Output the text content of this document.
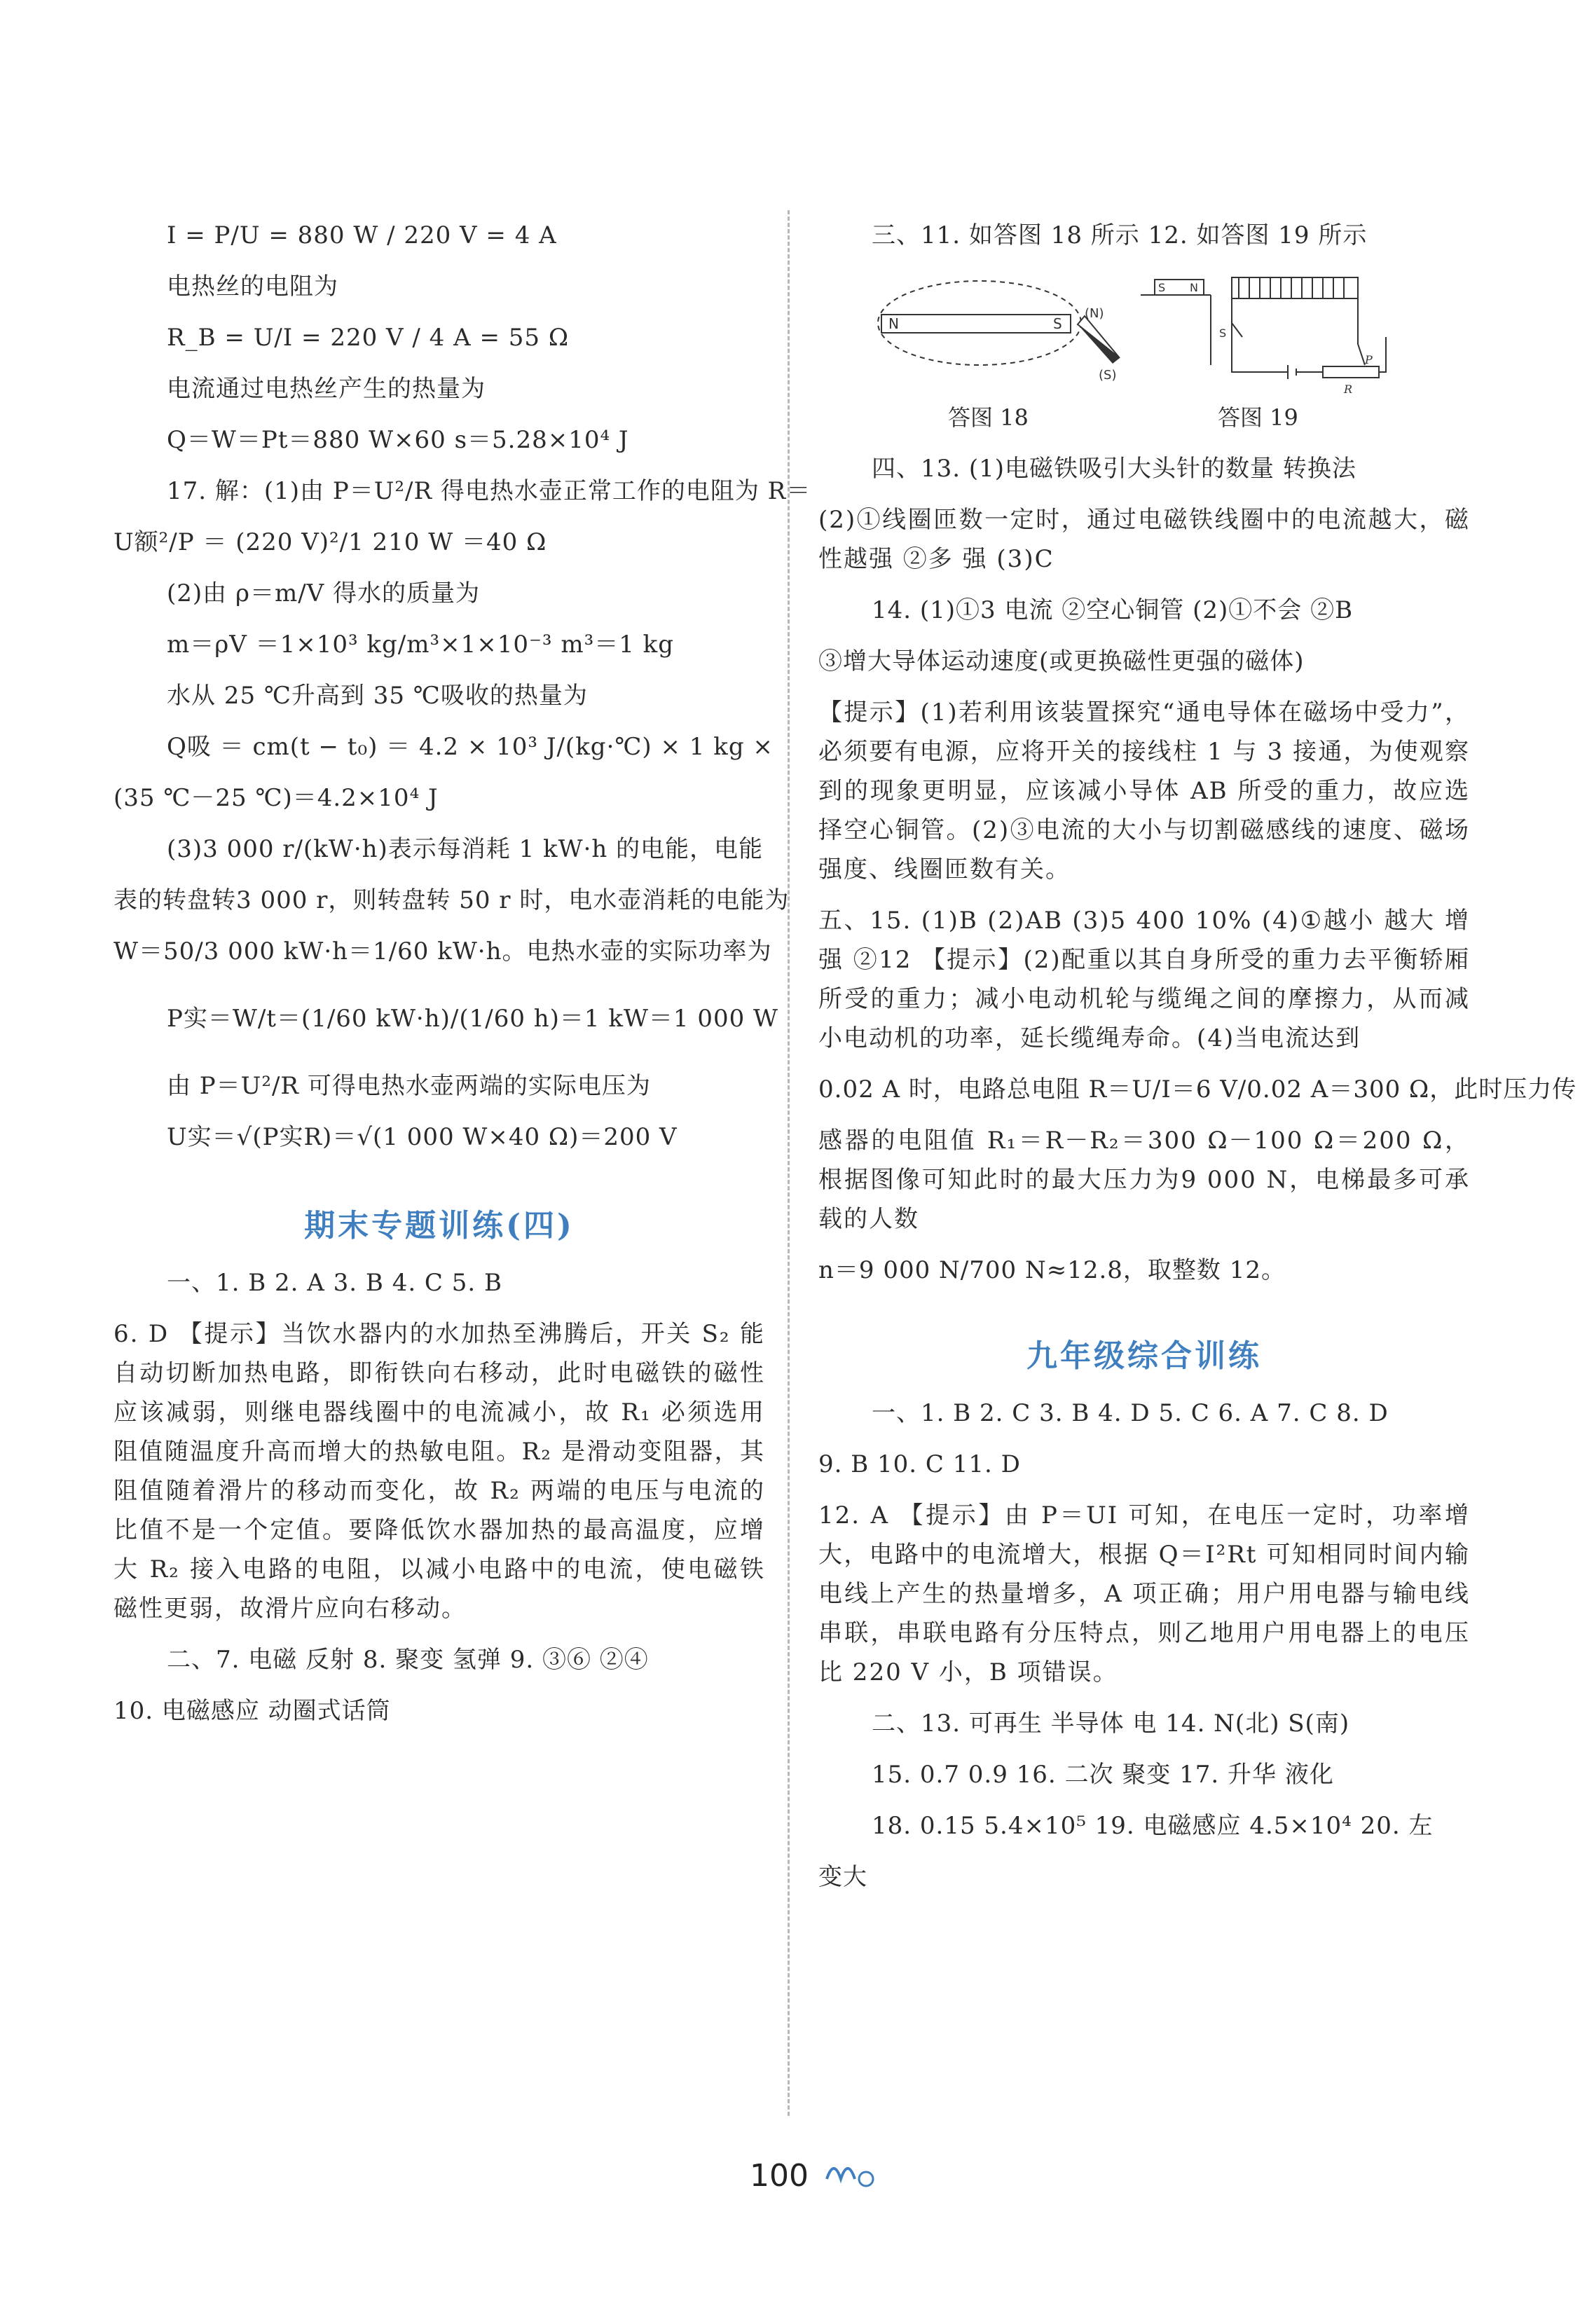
I = P/U = 880 W / 220 V = 4 A

电热丝的电阻为

R_B = U/I = 220 V / 4 A = 55 Ω

电流通过电热丝产生的热量为

Q＝W＝Pt＝880 W×60 s＝5.28×10⁴ J

17. 解：(1)由 P＝U²/R 得电热水壶正常工作的电阻为 R＝

U额²/P ＝ (220 V)²/1 210 W ＝40 Ω

(2)由 ρ＝m/V 得水的质量为

m＝ρV ＝1×10³ kg/m³×1×10⁻³ m³＝1 kg

水从 25 ℃升高到 35 ℃吸收的热量为

Q吸 ＝ cm(t − t₀) ＝ 4.2 × 10³ J/(kg·℃) × 1 kg ×

(35 ℃－25 ℃)＝4.2×10⁴ J

(3)3 000 r/(kW·h)表示每消耗 1 kW·h 的电能，电能

表的转盘转3 000 r，则转盘转 50 r 时，电水壶消耗的电能为

W＝50/3 000 kW·h＝1/60 kW·h。电热水壶的实际功率为

P实＝W/t＝(1/60 kW·h)/(1/60 h)＝1 kW＝1 000 W

由 P＝U²/R 可得电热水壶两端的实际电压为

U实＝√(P实R)＝√(1 000 W×40 Ω)＝200 V

期末专题训练(四)

一、1. B 2. A 3. B 4. C 5. B

6. D 【提示】当饮水器内的水加热至沸腾后，开关 S₂ 能自动切断加热电路，即衔铁向右移动，此时电磁铁的磁性应该减弱，则继电器线圈中的电流减小，故 R₁ 必须选用阻值随温度升高而增大的热敏电阻。R₂ 是滑动变阻器，其阻值随着滑片的移动而变化，故 R₂ 两端的电压与电流的比值不是一个定值。要降低饮水器加热的最高温度，应增大 R₂ 接入电路的电阻，以减小电路中的电流，使电磁铁磁性更弱，故滑片应向右移动。

二、7. 电磁 反射 8. 聚变 氢弹 9. ③⑥ ②④

10. 电磁感应 动圈式话筒

三、11. 如答图 18 所示 12. 如答图 19 所示

N	S
(N)
(S)
S N
S
P
R
答图 18	答图 19

四、13. (1)电磁铁吸引大头针的数量 转换法

(2)①线圈匝数一定时，通过电磁铁线圈中的电流越大，磁性越强 ②多 强 (3)C

14. (1)①3 电流 ②空心铜管 (2)①不会 ②B

③增大导体运动速度(或更换磁性更强的磁体)

【提示】(1)若利用该装置探究“通电导体在磁场中受力”，必须要有电源，应将开关的接线柱 1 与 3 接通，为使观察到的现象更明显，应该减小导体 AB 所受的重力，故应选择空心铜管。(2)③电流的大小与切割磁感线的速度、磁场强度、线圈匝数有关。

五、15. (1)B (2)AB (3)5 400 10% (4)①越小 越大 增强 ②12 【提示】(2)配重以其自身所受的重力去平衡轿厢所受的重力；减小电动机轮与缆绳之间的摩擦力，从而减小电动机的功率，延长缆绳寿命。(4)当电流达到

0.02 A 时，电路总电阻 R＝U/I＝6 V/0.02 A＝300 Ω，此时压力传

感器的电阻值 R₁＝R－R₂＝300 Ω－100 Ω＝200 Ω，根据图像可知此时的最大压力为9 000 N，电梯最多可承载的人数

n＝9 000 N/700 N≈12.8，取整数 12。

九年级综合训练

一、1. B 2. C 3. B 4. D 5. C 6. A 7. C 8. D

9. B 10. C 11. D

12. A 【提示】由 P＝UI 可知，在电压一定时，功率增大，电路中的电流增大，根据 Q＝I²Rt 可知相同时间内输电线上产生的热量增多，A 项正确；用户用电器与输电线串联，串联电路有分压特点，则乙地用户用电器上的电压比 220 V 小，B 项错误。

二、13. 可再生 半导体 电 14. N(北) S(南)

15. 0.7 0.9 16. 二次 聚变 17. 升华 液化

18. 0.15 5.4×10⁵ 19. 电磁感应 4.5×10⁴ 20. 左

变大

100
